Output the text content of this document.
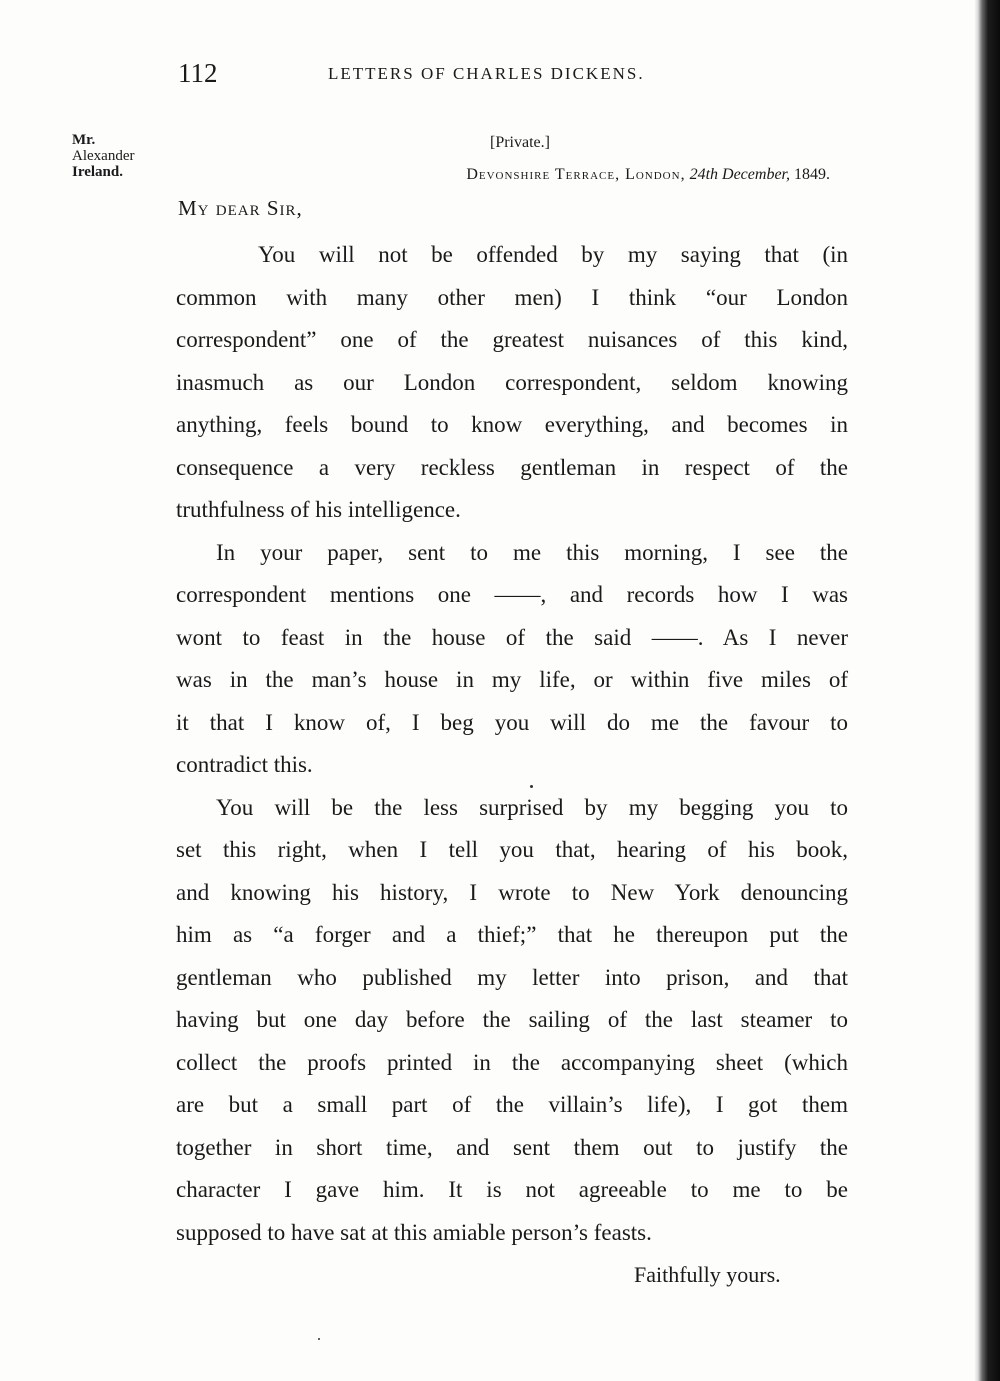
112	LETTERS OF CHARLES DICKENS.
Mr.
Alexander
Ireland.
[Private.]
Devonshire Terrace, London, 24th December, 1849.
My dear Sir,
You will not be offended by my saying that (in
common with many other men) I think “our London
correspondent” one of the greatest nuisances of this kind,
inasmuch as our London correspondent, seldom knowing
anything, feels bound to know everything, and becomes in
consequence a very reckless gentleman in respect of the
truthfulness of his intelligence.
In your paper, sent to me this morning, I see the
correspondent mentions one ——, and records how I was
wont to feast in the house of the said ——. As I never
was in the man’s house in my life, or within five miles of
it that I know of, I beg you will do me the favour to
contradict this.
You will be the less surprised by my begging you to
set this right, when I tell you that, hearing of his book,
and knowing his history, I wrote to New York denouncing
him as “a forger and a thief;” that he thereupon put the
gentleman who published my letter into prison, and that
having but one day before the sailing of the last steamer to
collect the proofs printed in the accompanying sheet (which
are but a small part of the villain’s life), I got them
together in short time, and sent them out to justify the
character I gave him. It is not agreeable to me to be
supposed to have sat at this amiable person’s feasts.
Faithfully yours.
